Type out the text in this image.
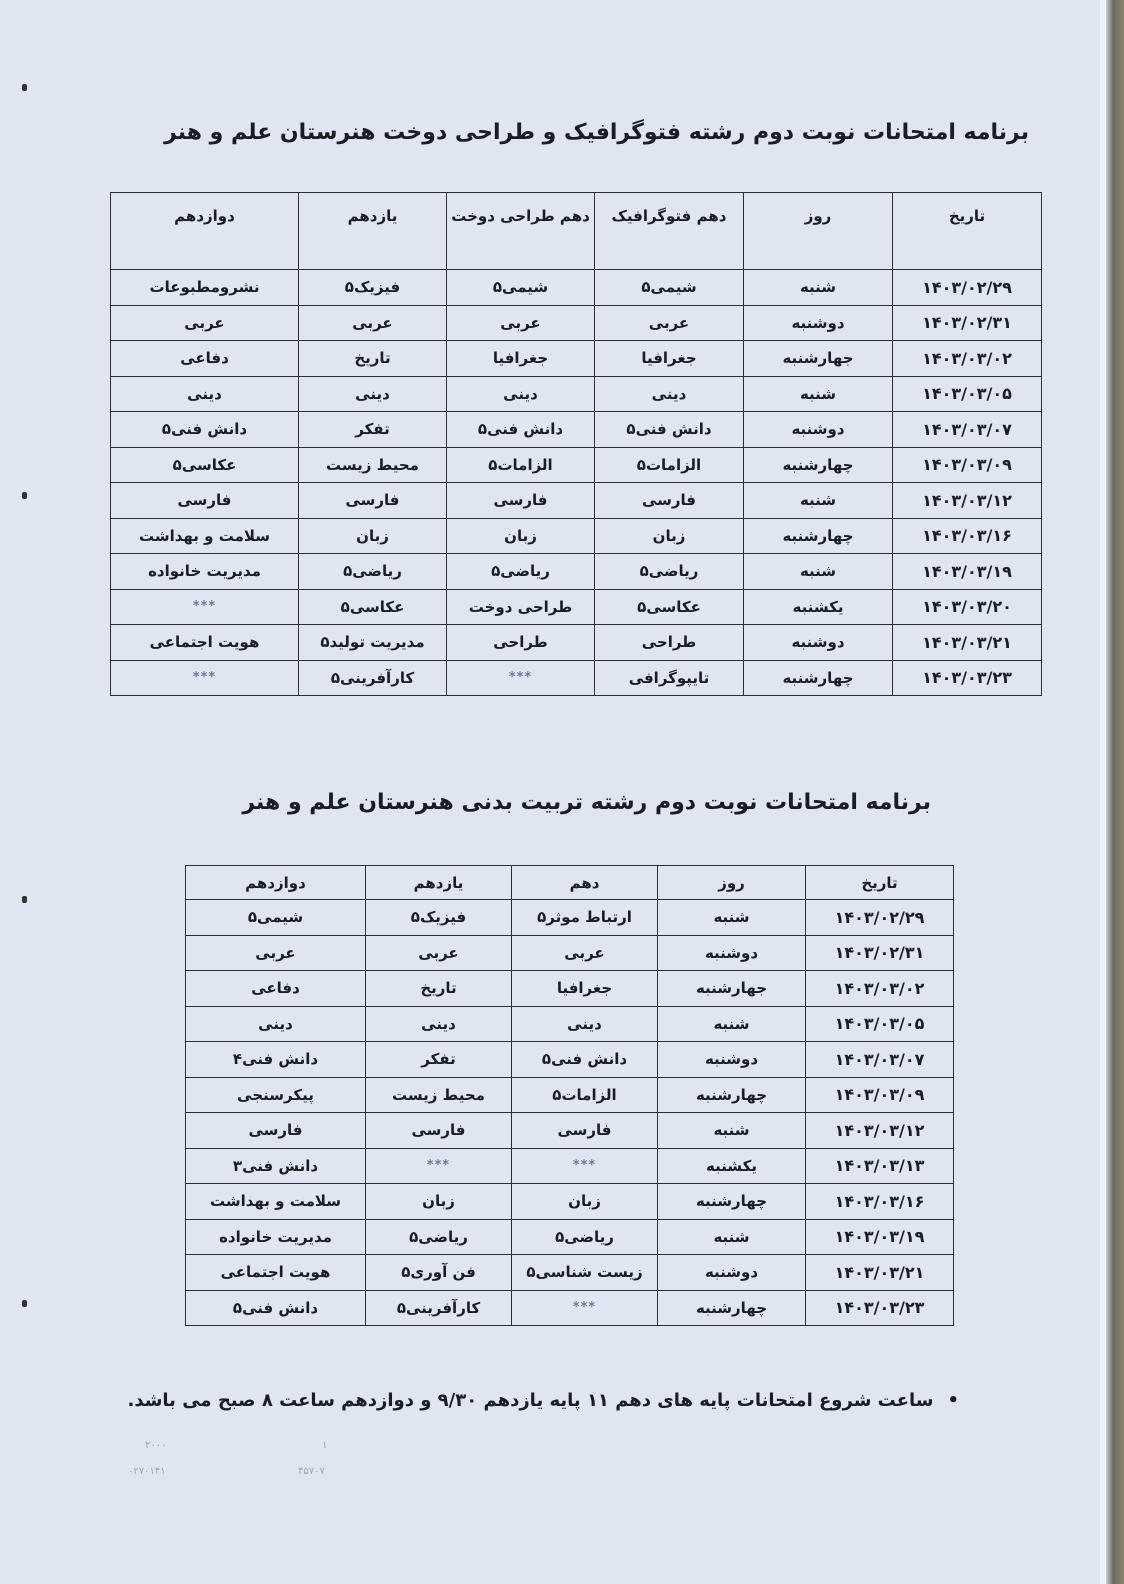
برنامه امتحانات نوبت دوم رشته فتوگرافیک و طراحی دوخت هنرستان علم و هنر
تاریخ	روز	دهم فتوگرافیک	دهم طراحی دوخت	یازدهم	دوازدهم
۱۴۰۳/۰۲/۲۹	شنبه	شیمی۵	شیمی۵	فیزیک۵	نشرومطبوعات
۱۴۰۳/۰۲/۳۱	دوشنبه	عربی	عربی	عربی	عربی
۱۴۰۳/۰۳/۰۲	جهارشنبه	جغرافیا	جغرافیا	تاریخ	دفاعی
۱۴۰۳/۰۳/۰۵	شنبه	دینی	دینی	دینی	دینی
۱۴۰۳/۰۳/۰۷	دوشنبه	دانش فنی۵	دانش فنی۵	تفکر	دانش فنی۵
۱۴۰۳/۰۳/۰۹	چهارشنبه	الزامات۵	الزامات۵	محیط زیست	عکاسی۵
۱۴۰۳/۰۳/۱۲	شنبه	فارسی	فارسی	فارسی	فارسی
۱۴۰۳/۰۳/۱۶	چهارشنبه	زبان	زبان	زبان	سلامت و بهداشت
۱۴۰۳/۰۳/۱۹	شنبه	ریاضی۵	ریاضی۵	ریاضی۵	مدیریت خانواده
۱۴۰۳/۰۳/۲۰	یکشنبه	عکاسی۵	طراحی دوخت	عکاسی۵	***
۱۴۰۳/۰۳/۲۱	دوشنبه	طراحی	طراحی	مدیریت تولید۵	هویت اجتماعی
۱۴۰۳/۰۳/۲۳	چهارشنبه	تایپوگرافی	***	کارآفرینی۵	***
برنامه امتحانات نوبت دوم رشته تربیت بدنی هنرستان علم و هنر
تاریخ	روز	دهم	یازدهم	دوازدهم
۱۴۰۳/۰۲/۲۹	شنبه	ارتباط موثر۵	فیزیک۵	شیمی۵
۱۴۰۳/۰۲/۳۱	دوشنبه	عربی	عربی	عربی
۱۴۰۳/۰۳/۰۲	جهارشنبه	جغرافیا	تاریخ	دفاعی
۱۴۰۳/۰۳/۰۵	شنبه	دینی	دینی	دینی
۱۴۰۳/۰۳/۰۷	دوشنبه	دانش فنی۵	تفکر	دانش فنی۴
۱۴۰۳/۰۳/۰۹	چهارشنبه	الزامات۵	محیط زیست	پیکرسنجی
۱۴۰۳/۰۳/۱۲	شنبه	فارسی	فارسی	فارسی
۱۴۰۳/۰۳/۱۳	یکشنبه	***	***	دانش فنی۳
۱۴۰۳/۰۳/۱۶	چهارشنبه	زبان	زبان	سلامت و بهداشت
۱۴۰۳/۰۳/۱۹	شنبه	ریاضی۵	ریاضی۵	مدیریت خانواده
۱۴۰۳/۰۳/۲۱	دوشنبه	زیست شناسی۵	فن آوری۵	هویت اجتماعی
۱۴۰۳/۰۳/۲۳	چهارشنبه	***	کارآفرینی۵	دانش فنی۵
•ساعت شروع امتحانات پایه های دهم ۱۱ پایه یازدهم ۹/۳۰ و دوازدهم ساعت ۸ صبح می باشد.
۲۰۰۰
۰۲۷۰۱۴۱
۱
۴۵۷۰۷
